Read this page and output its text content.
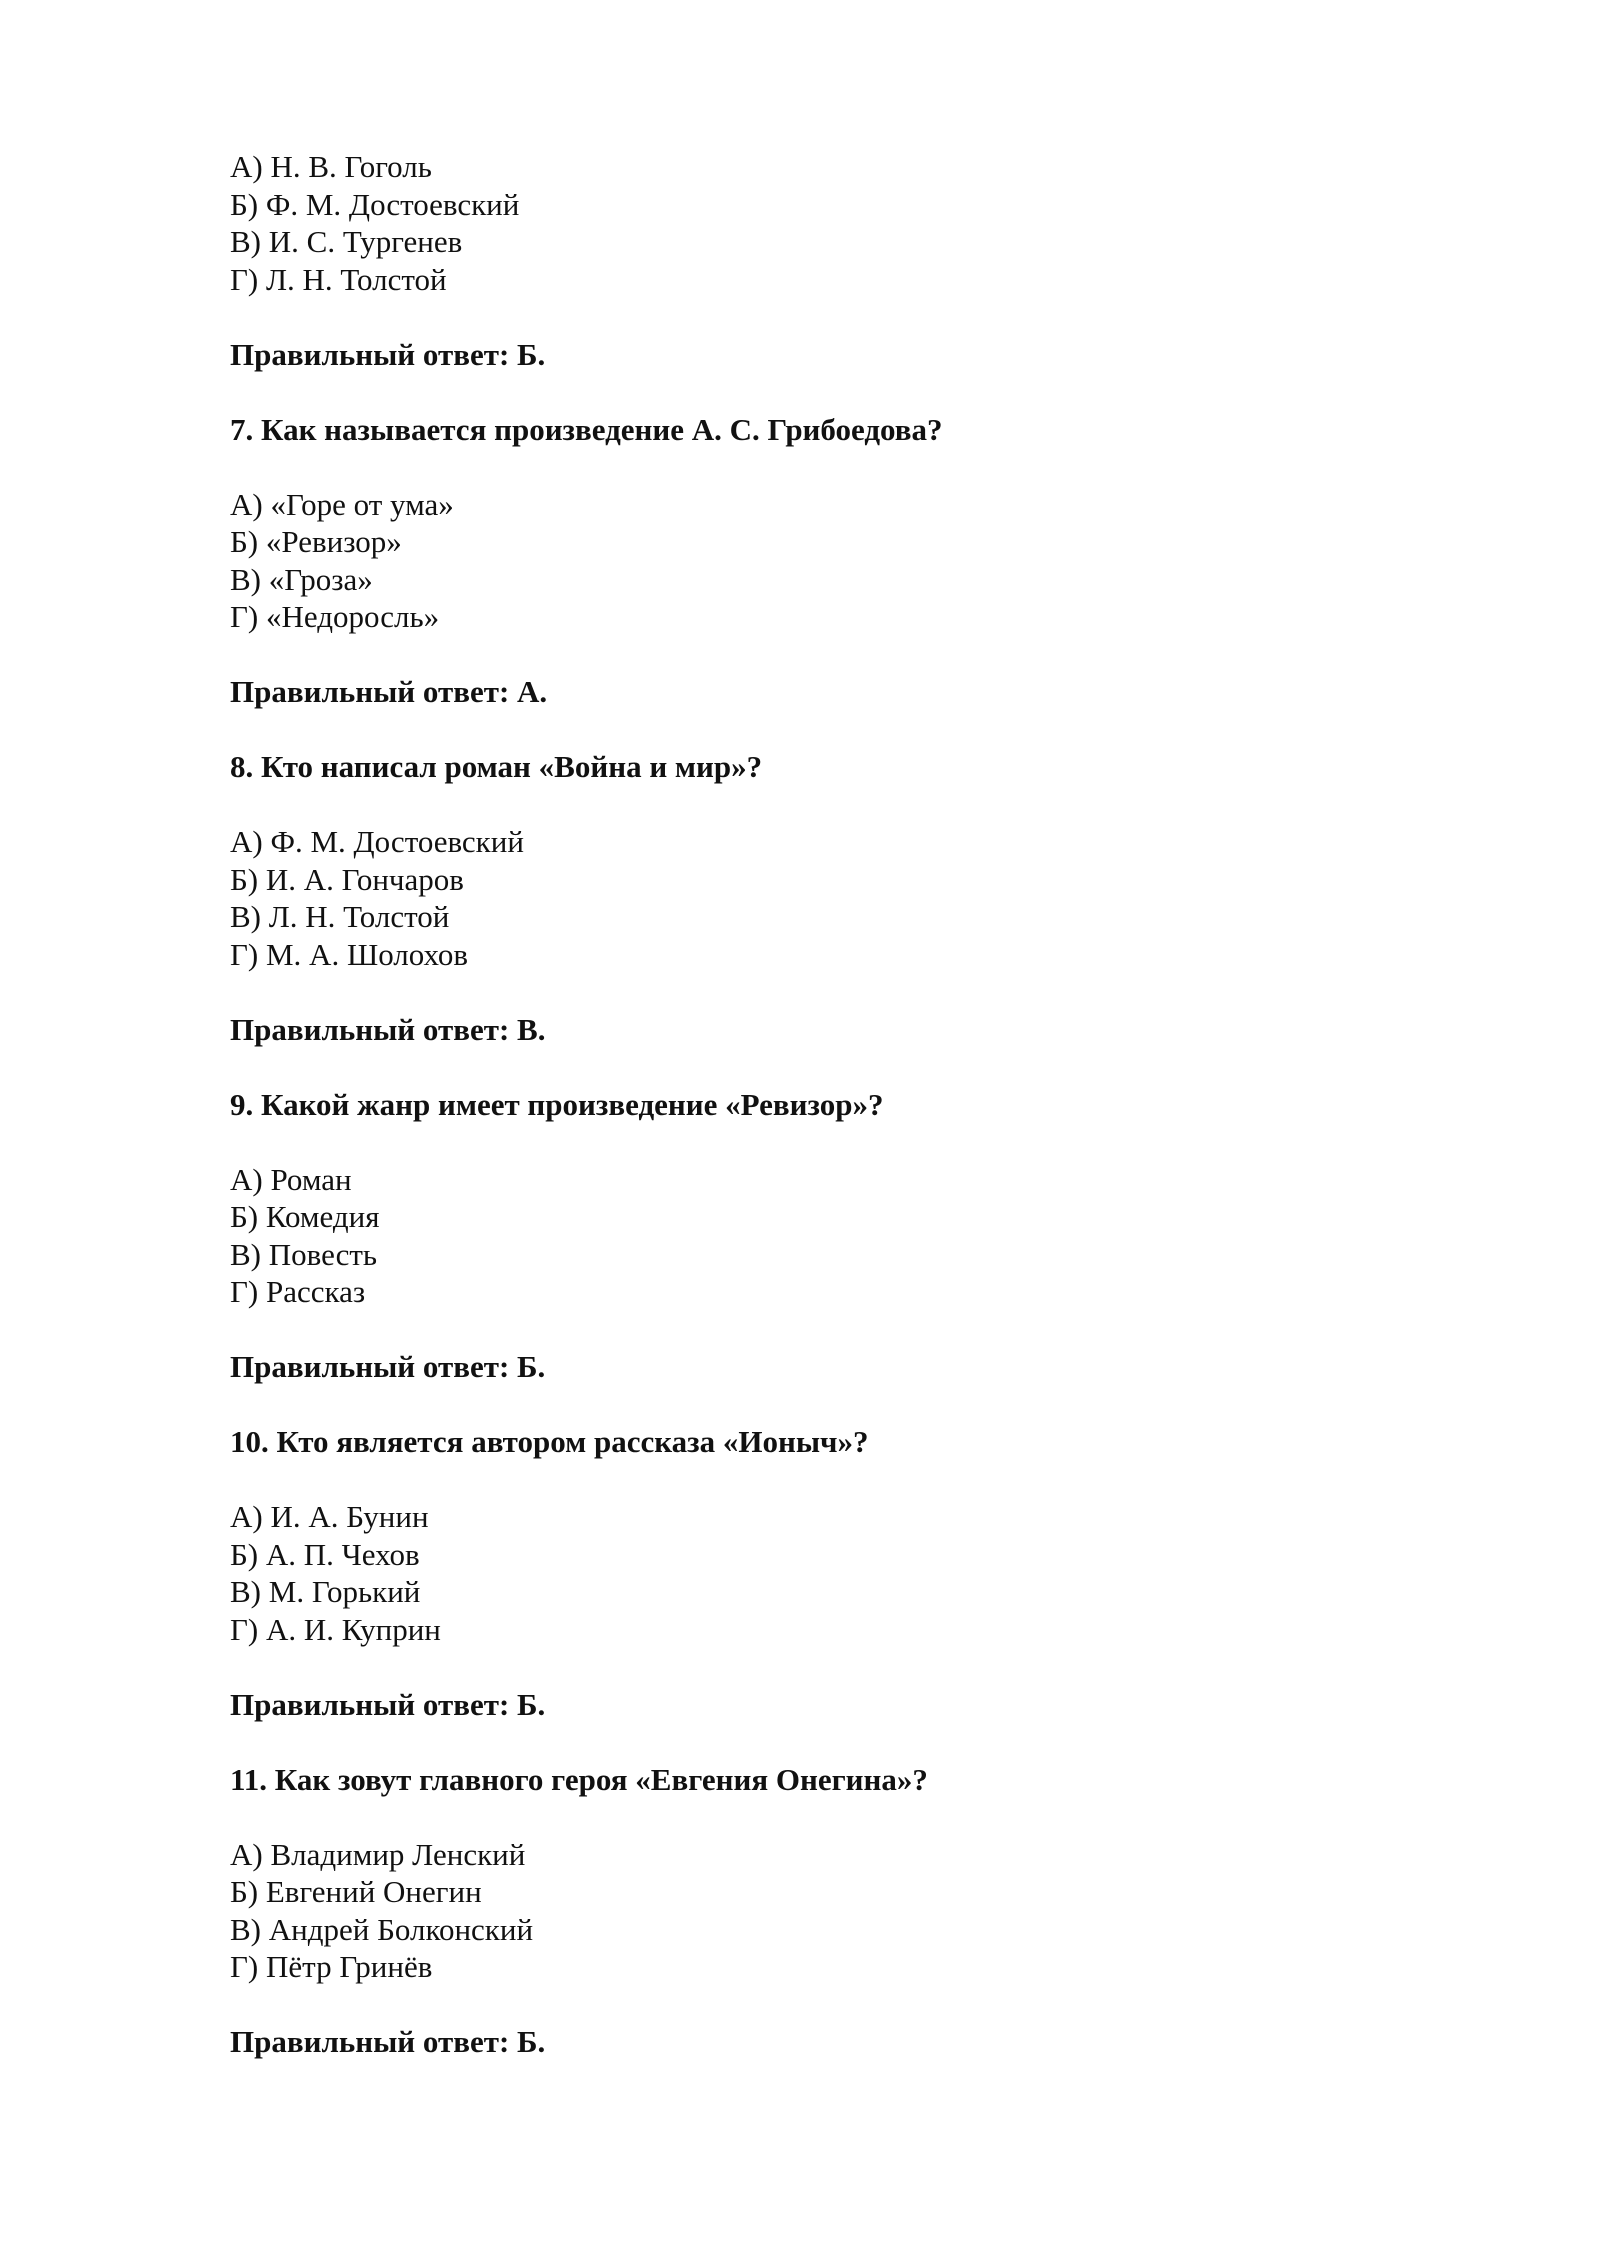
А) Н. В. Гоголь
Б) Ф. М. Достоевский
В) И. С. Тургенев
Г) Л. Н. Толстой
Правильный ответ: Б.
7. Как называется произведение А. С. Грибоедова?
А) «Горе от ума»
Б) «Ревизор»
В) «Гроза»
Г) «Недоросль»
Правильный ответ: А.
8. Кто написал роман «Война и мир»?
А) Ф. М. Достоевский
Б) И. А. Гончаров
В) Л. Н. Толстой
Г) М. А. Шолохов
Правильный ответ: В.
9. Какой жанр имеет произведение «Ревизор»?
А) Роман
Б) Комедия
В) Повесть
Г) Рассказ
Правильный ответ: Б.
10. Кто является автором рассказа «Ионыч»?
А) И. А. Бунин
Б) А. П. Чехов
В) М. Горький
Г) А. И. Куприн
Правильный ответ: Б.
11. Как зовут главного героя «Евгения Онегина»?
А) Владимир Ленский
Б) Евгений Онегин
В) Андрей Болконский
Г) Пётр Гринёв
Правильный ответ: Б.
